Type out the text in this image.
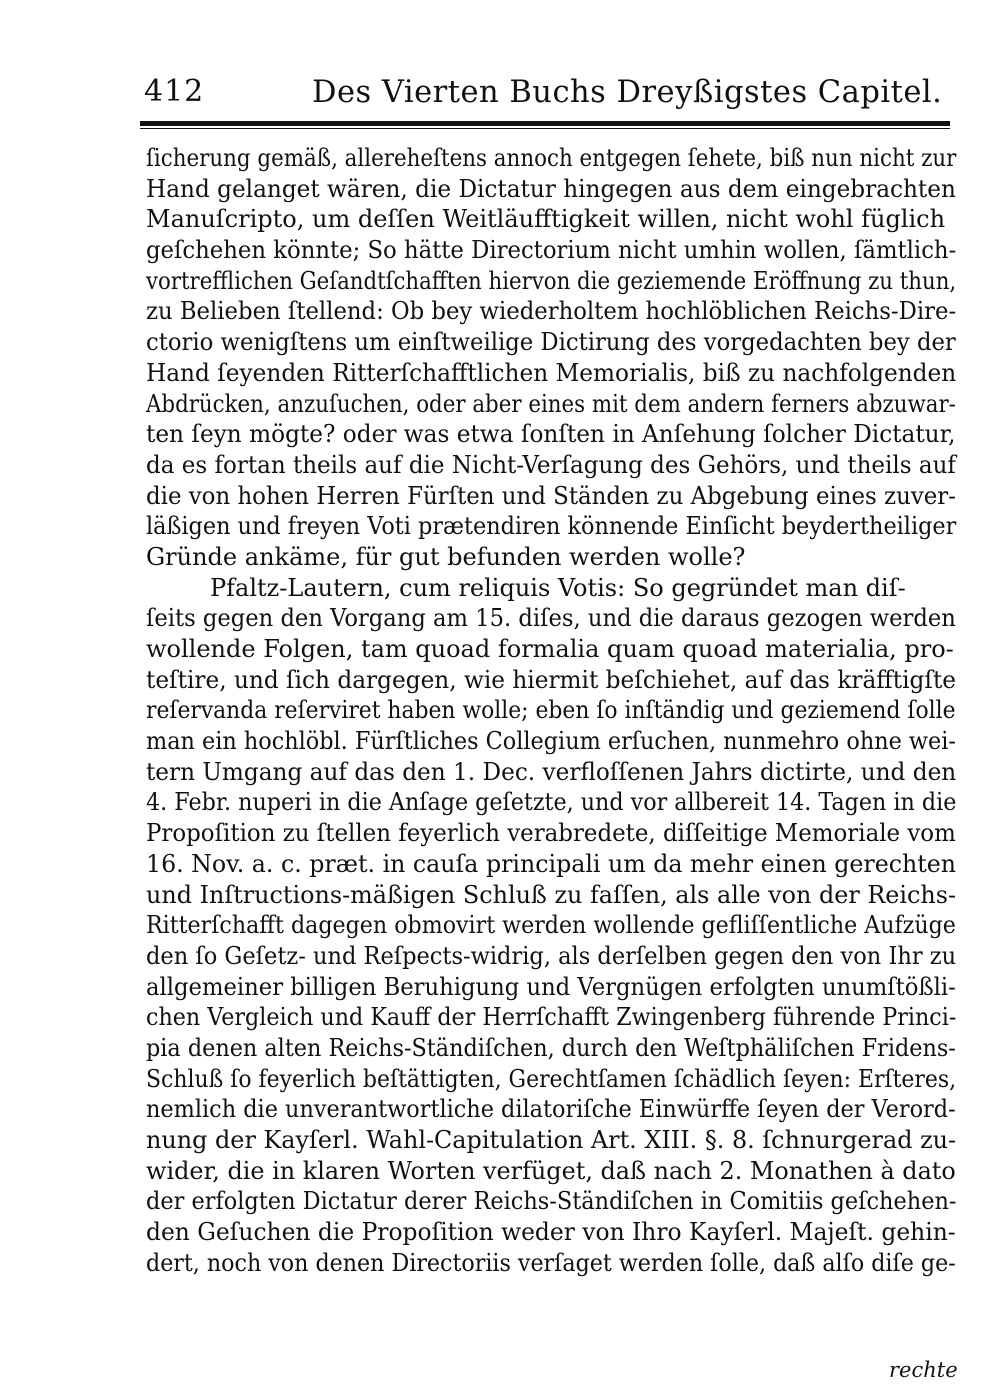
412	Des Vierten Buchs Dreyßigstes Capitel.
ſicherung gemäß, allereheſtens annoch entgegen ſehete, biß nun nicht zur
Hand gelanget wären, die Dictatur hingegen aus dem eingebrachten
Manuſcripto, um deſſen Weitläufftigkeit willen, nicht wohl füglich
geſchehen könnte; So hätte Directorium nicht umhin wollen, ſämtlich-
vortrefflichen Geſandtſchafften hiervon die geziemende Eröffnung zu thun,
zu Belieben ſtellend: Ob bey wiederholtem hochlöblichen Reichs-Dire-
ctorio wenigſtens um einſtweilige Dictirung des vorgedachten bey der
Hand ſeyenden Ritterſchafftlichen Memorialis, biß zu nachfolgenden
Abdrücken, anzuſuchen, oder aber eines mit dem andern ferners abzuwar-
ten ſeyn mögte? oder was etwa ſonſten in Anſehung ſolcher Dictatur,
da es fortan theils auf die Nicht-Verſagung des Gehörs, und theils auf
die von hohen Herren Fürſten und Ständen zu Abgebung eines zuver-
läßigen und freyen Voti prætendiren könnende Einſicht beydertheiliger
Gründe ankäme, für gut befunden werden wolle?
Pfaltz-Lautern, cum reliquis Votis: So gegründet man diſ-
ſeits gegen den Vorgang am 15. diſes, und die daraus gezogen werden
wollende Folgen, tam quoad formalia quam quoad materialia, pro-
teſtire, und ſich dargegen, wie hiermit beſchiehet, auf das kräfftigſte
reſervanda reſerviret haben wolle; eben ſo inſtändig und geziemend ſolle
man ein hochlöbl. Fürſtliches Collegium erſuchen, nunmehro ohne wei-
tern Umgang auf das den 1. Dec. verfloſſenen Jahrs dictirte, und den
4. Febr. nuperi in die Anſage geſetzte, und vor allbereit 14. Tagen in die
Propoſition zu ſtellen feyerlich verabredete, diſſeitige Memoriale vom
16. Nov. a. c. præt. in cauſa principali um da mehr einen gerechten
und Inſtructions-mäßigen Schluß zu faſſen, als alle von der Reichs-
Ritterſchafft dagegen obmovirt werden wollende gefliſſentliche Aufzüge
den ſo Geſetz- und Reſpects-widrig, als derſelben gegen den von Ihr zu
allgemeiner billigen Beruhigung und Vergnügen erfolgten unumſtößli-
chen Vergleich und Kauff der Herrſchafft Zwingenberg führende Princi-
pia denen alten Reichs-Ständiſchen, durch den Weſtphäliſchen Fridens-
Schluß ſo feyerlich beſtättigten, Gerechtſamen ſchädlich ſeyen: Erſteres,
nemlich die unverantwortliche dilatoriſche Einwürffe ſeyen der Verord-
nung der Kayſerl. Wahl-Capitulation Art. XIII. §. 8. ſchnurgerad zu-
wider, die in klaren Worten verfüget, daß nach 2. Monathen à dato
der erfolgten Dictatur derer Reichs-Ständiſchen in Comitiis geſchehen-
den Geſuchen die Propoſition weder von Ihro Kayſerl. Majeſt. gehin-
dert, noch von denen Directoriis verſaget werden ſolle, daß alſo diſe ge-
rechte
